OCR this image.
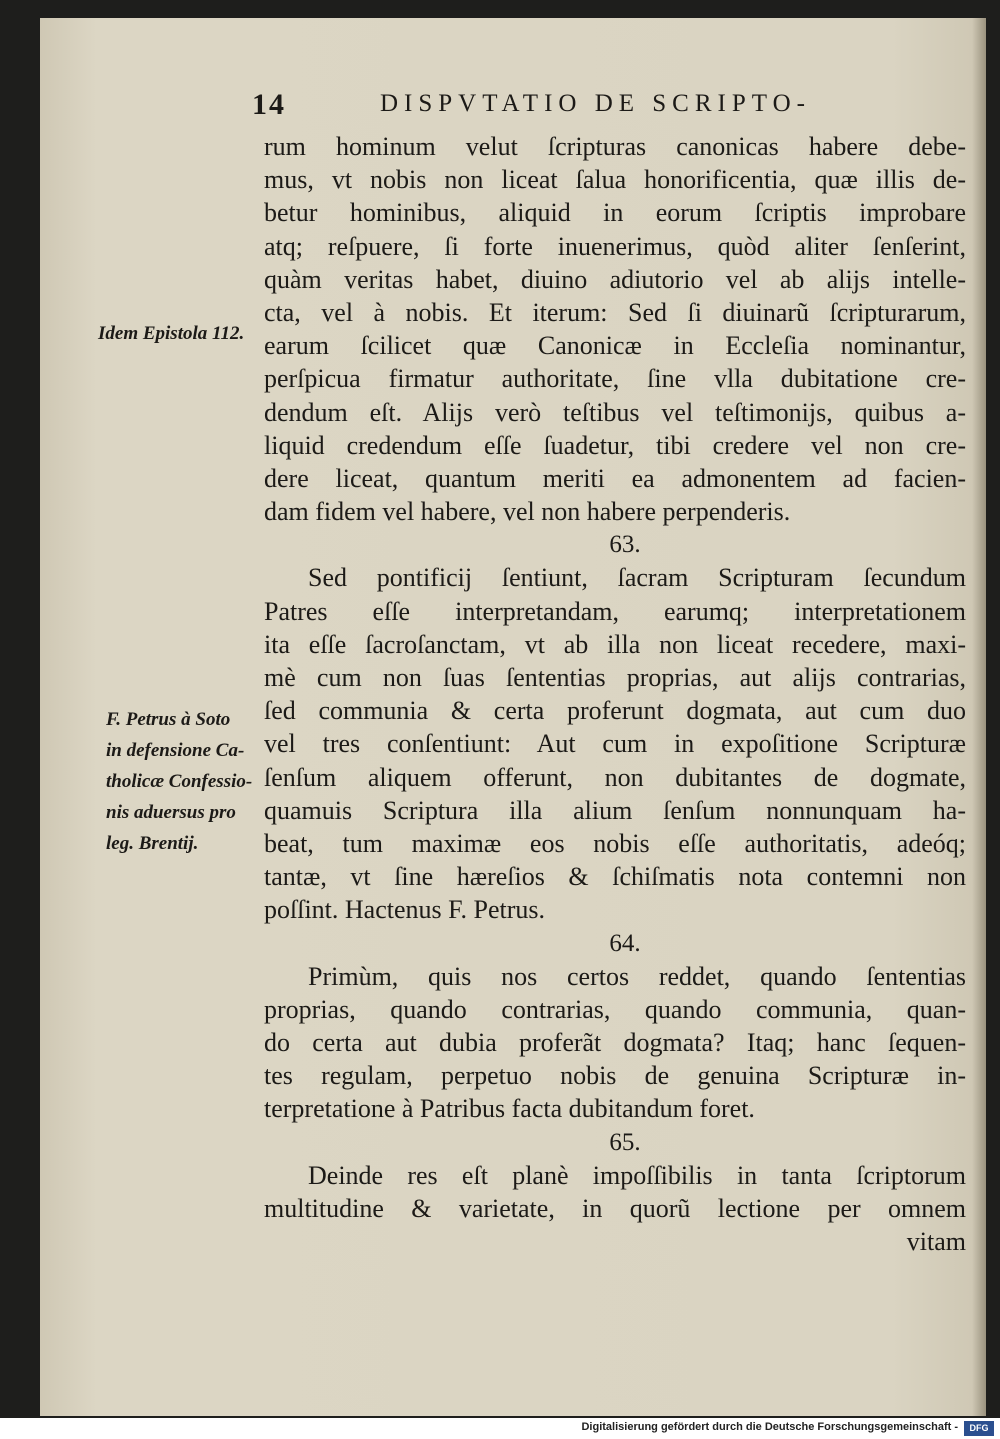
14	DISPVTATIO DE SCRIPTO-
Idem Epistola 112.
F. Petrus à Soto
in defensione Ca-
tholicæ Confessio-
nis aduersus pro
leg. Brentij.
rum hominum velut ſcripturas canonicas habere debe-
mus, vt nobis non liceat ſalua honorificentia, quæ illis de-
betur hominibus, aliquid in eorum ſcriptis improbare
atq; reſpuere, ſi forte inuenerimus, quòd aliter ſenſerint,
quàm veritas habet, diuino adiutorio vel ab alijs intelle-
cta, vel à nobis. Et iterum: Sed ſi diuinarũ ſcripturarum,
earum ſcilicet quæ Canonicæ in Eccleſia nominantur,
perſpicua firmatur authoritate, ſine vlla dubitatione cre-
dendum eſt. Alijs verò teſtibus vel teſtimonijs, quibus a-
liquid credendum eſſe ſuadetur, tibi credere vel non cre-
dere liceat, quantum meriti ea admonentem ad facien-
dam fidem vel habere, vel non habere perpenderis.
63.
Sed pontificij ſentiunt, ſacram Scripturam ſecundum
Patres eſſe interpretandam, earumq; interpretationem
ita eſſe ſacroſanctam, vt ab illa non liceat recedere, maxi-
mè cum non ſuas ſententias proprias, aut alijs contrarias,
ſed communia & certa proferunt dogmata, aut cum duo
vel tres conſentiunt: Aut cum in expoſitione Scripturæ
ſenſum aliquem offerunt, non dubitantes de dogmate,
quamuis Scriptura illa alium ſenſum nonnunquam ha-
beat, tum maximæ eos nobis eſſe authoritatis, adeóq;
tantæ, vt ſine hæreſios & ſchiſmatis nota contemni non
poſſint. Hactenus F. Petrus.
64.
Primùm, quis nos certos reddet, quando ſententias
proprias, quando contrarias, quando communia, quan-
do certa aut dubia proferãt dogmata? Itaq; hanc ſequen-
tes regulam, perpetuo nobis de genuina Scripturæ in-
terpretatione à Patribus facta dubitandum foret.
65.
Deinde res eſt planè impoſſibilis in tanta ſcriptorum
multitudine & varietate, in quorũ lectione per omnem
vitam
Digitalisierung gefördert durch die Deutsche Forschungsgemeinschaft -	DFG
